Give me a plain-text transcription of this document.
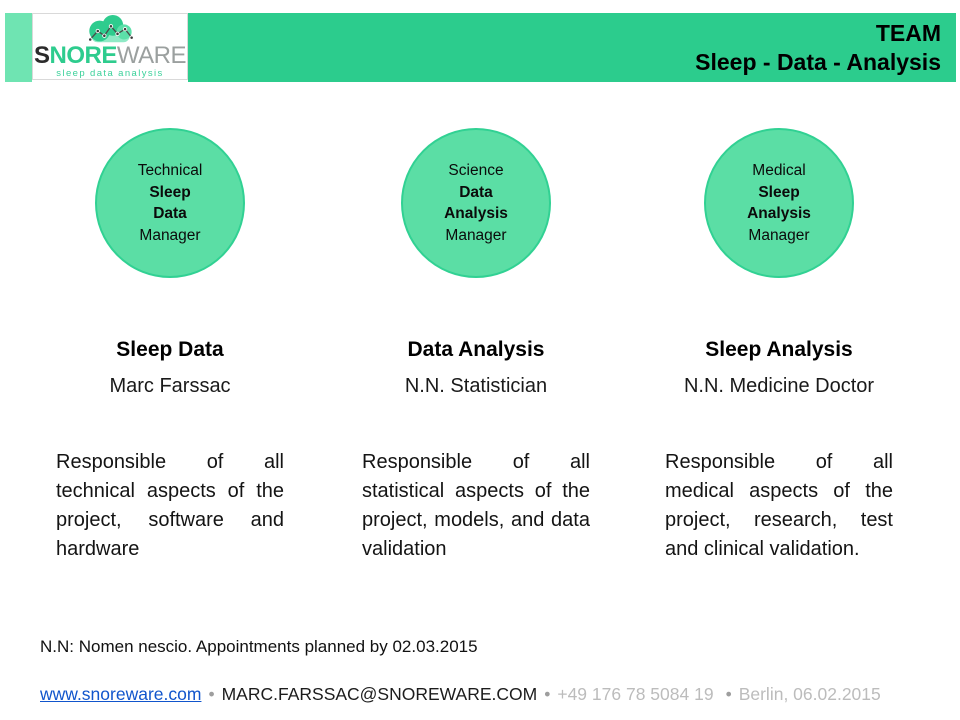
SNOREWARE
sleep data analysis
TEAM
Sleep - Data - Analysis
Technical
Sleep
Data
Manager
Sleep Data
Marc Farssac

Responsible of all technical aspects of the project, software and hardware

Science
Data
Analysis
Manager
Data Analysis
N.N. Statistician

Responsible of all statistical aspects of the project, models, and data validation

Medical
Sleep
Analysis
Manager
Sleep Analysis
N.N. Medicine Doctor

Responsible of all medical aspects of the project, research, test and clinical validation.

N.N: Nomen nescio. Appointments planned by 02.03.2015
www.snoreware.com • MARC.FARSSAC@SNOREWARE.COM • +49 176 78 5084 19 • Berlin, 06.02.2015
